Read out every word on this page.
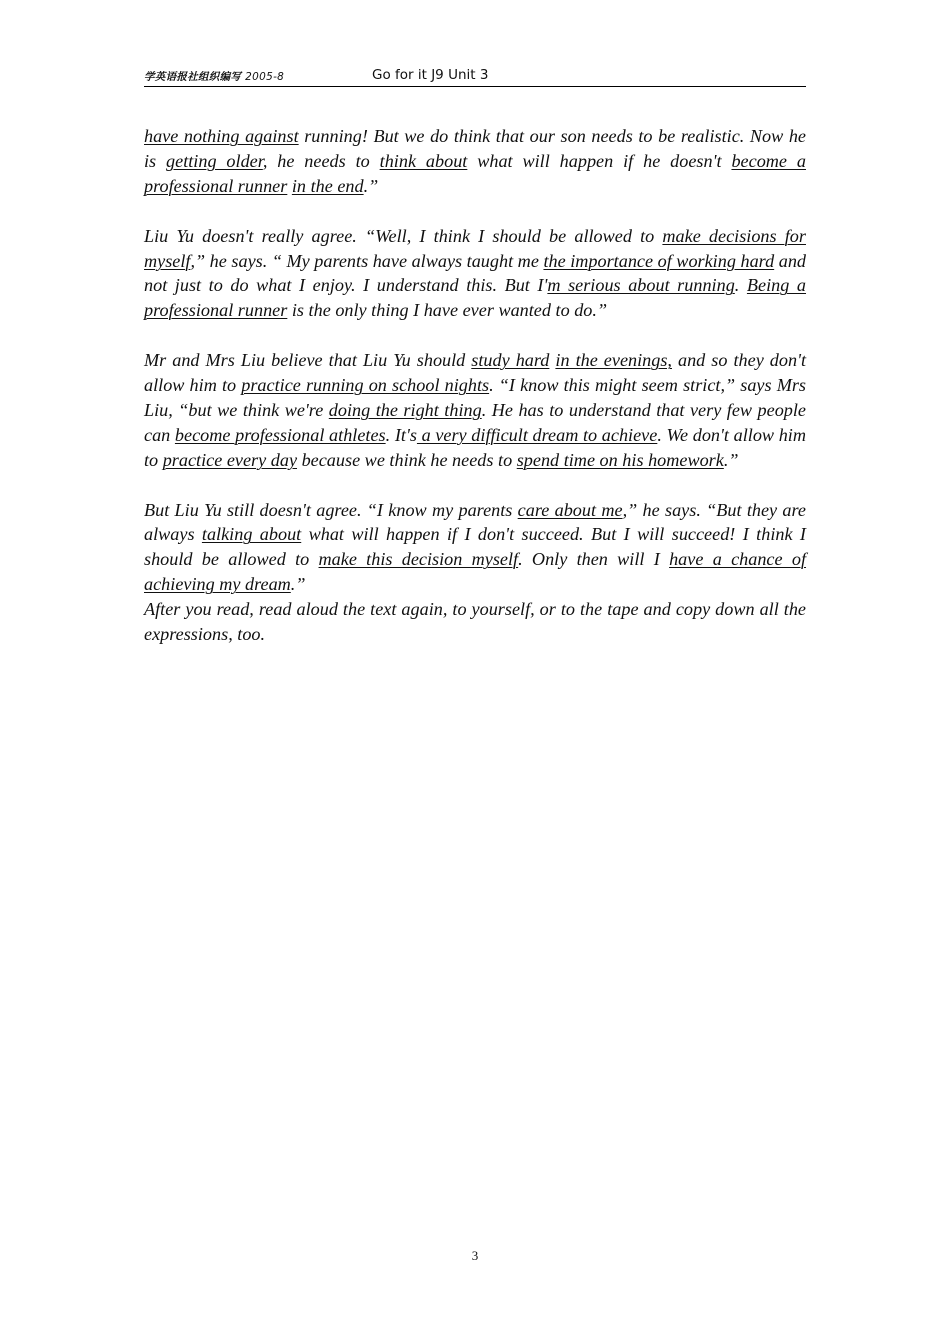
学英语报社组织编写 2005-8	Go for it J9 Unit 3

have nothing against running! But we do think that our son needs to be realistic. Now he is getting older, he needs to think about what will happen if he doesn't become a professional runner in the end.”

Liu Yu doesn't really agree. “Well, I think I should be allowed to make decisions for myself,” he says. “ My parents have always taught me the importance of working hard and not just to do what I enjoy. I understand this. But I'm serious about running. Being a professional runner is the only thing I have ever wanted to do.”

Mr and Mrs Liu believe that Liu Yu should study hard in the evenings, and so they don't allow him to practice running on school nights. “I know this might seem strict,” says Mrs Liu, “but we think we're doing the right thing. He has to understand that very few people can become professional athletes. It's a very difficult dream to achieve. We don't allow him to practice every day because we think he needs to spend time on his homework.”

But Liu Yu still doesn't agree. “I know my parents care about me,” he says. “But they are always talking about what will happen if I don't succeed. But I will succeed! I think I should be allowed to make this decision myself. Only then will I have a chance of achieving my dream.”

After you read, read aloud the text again, to yourself, or to the tape and copy down all the expressions, too.

3
